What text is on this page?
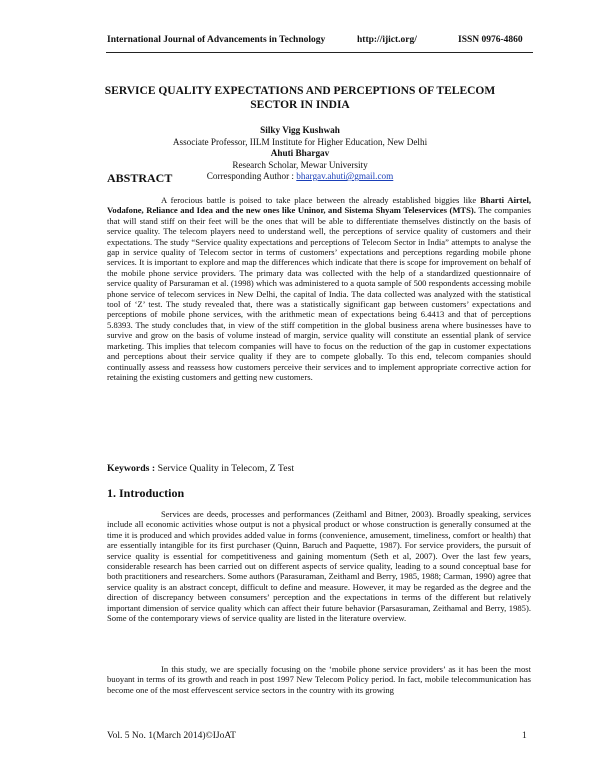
International Journal of Advancements in Technology	http://ijict.org/	ISSN 0976-4860
SERVICE QUALITY EXPECTATIONS AND PERCEPTIONS OF TELECOM
SECTOR IN INDIA
Silky Vigg Kushwah
Associate Professor, IILM Institute for Higher Education, New Delhi
Ahuti Bhargav
Research Scholar, Mewar University
Corresponding Author : bhargav.ahuti@gmail.com
ABSTRACT
A ferocious battle is poised to take place between the already established biggies like Bharti Airtel, Vodafone, Reliance and Idea and the new ones like Uninor, and Sistema Shyam Teleservices (MTS). The companies that will stand stiff on their feet will be the ones that will be able to differentiate themselves distinctly on the basis of service quality. The telecom players need to understand well, the perceptions of service quality of customers and their expectations. The study “Service quality expectations and perceptions of Telecom Sector in India” attempts to analyse the gap in service quality of Telecom sector in terms of customers’ expectations and perceptions regarding mobile phone services. It is important to explore and map the differences which indicate that there is scope for improvement on behalf of the mobile phone service providers. The primary data was collected with the help of a standardized questionnaire of service quality of Parsuraman et al. (1998) which was administered to a quota sample of 500 respondents accessing mobile phone service of telecom services in New Delhi, the capital of India. The data collected was analyzed with the statistical tool of ‘Z’ test. The study revealed that, there was a statistically significant gap between customers’ expectations and perceptions of mobile phone services, with the arithmetic mean of expectations being 6.4413 and that of perceptions 5.8393. The study concludes that, in view of the stiff competition in the global business arena where businesses have to survive and grow on the basis of volume instead of margin, service quality will constitute an essential plank of service marketing. This implies that telecom companies will have to focus on the reduction of the gap in customer expectations and perceptions about their service quality if they are to compete globally. To this end, telecom companies should continually assess and reassess how customers perceive their services and to implement appropriate corrective action for retaining the existing customers and getting new customers.
Keywords : Service Quality in Telecom, Z Test
1. Introduction
Services are deeds, processes and performances (Zeithaml and Bitner, 2003). Broadly speaking, services include all economic activities whose output is not a physical product or whose construction is generally consumed at the time it is produced and which provides added value in forms (convenience, amusement, timeliness, comfort or health) that are essentially intangible for its first purchaser (Quinn, Baruch and Paquette, 1987). For service providers, the pursuit of service quality is essential for competitiveness and gaining momentum (Seth et al, 2007). Over the last few years, considerable research has been carried out on different aspects of service quality, leading to a sound conceptual base for both practitioners and researchers. Some authors (Parasuraman, Zeithaml and Berry, 1985, 1988; Carman, 1990) agree that service quality is an abstract concept, difficult to define and measure. However, it may be regarded as the degree and the direction of discrepancy between consumers’ perception and the expectations in terms of the different but relatively important dimension of service quality which can affect their future behavior (Parsasuraman, Zeithamal and Berry, 1985). Some of the contemporary views of service quality are listed in the literature overview.
In this study, we are specially focusing on the ‘mobile phone service providers’ as it has been the most buoyant in terms of its growth and reach in post 1997 New Telecom Policy period. In fact, mobile telecommunication has become one of the most effervescent service sectors in the country with its growing
Vol. 5 No. 1(March 2014)©IJoAT	1
